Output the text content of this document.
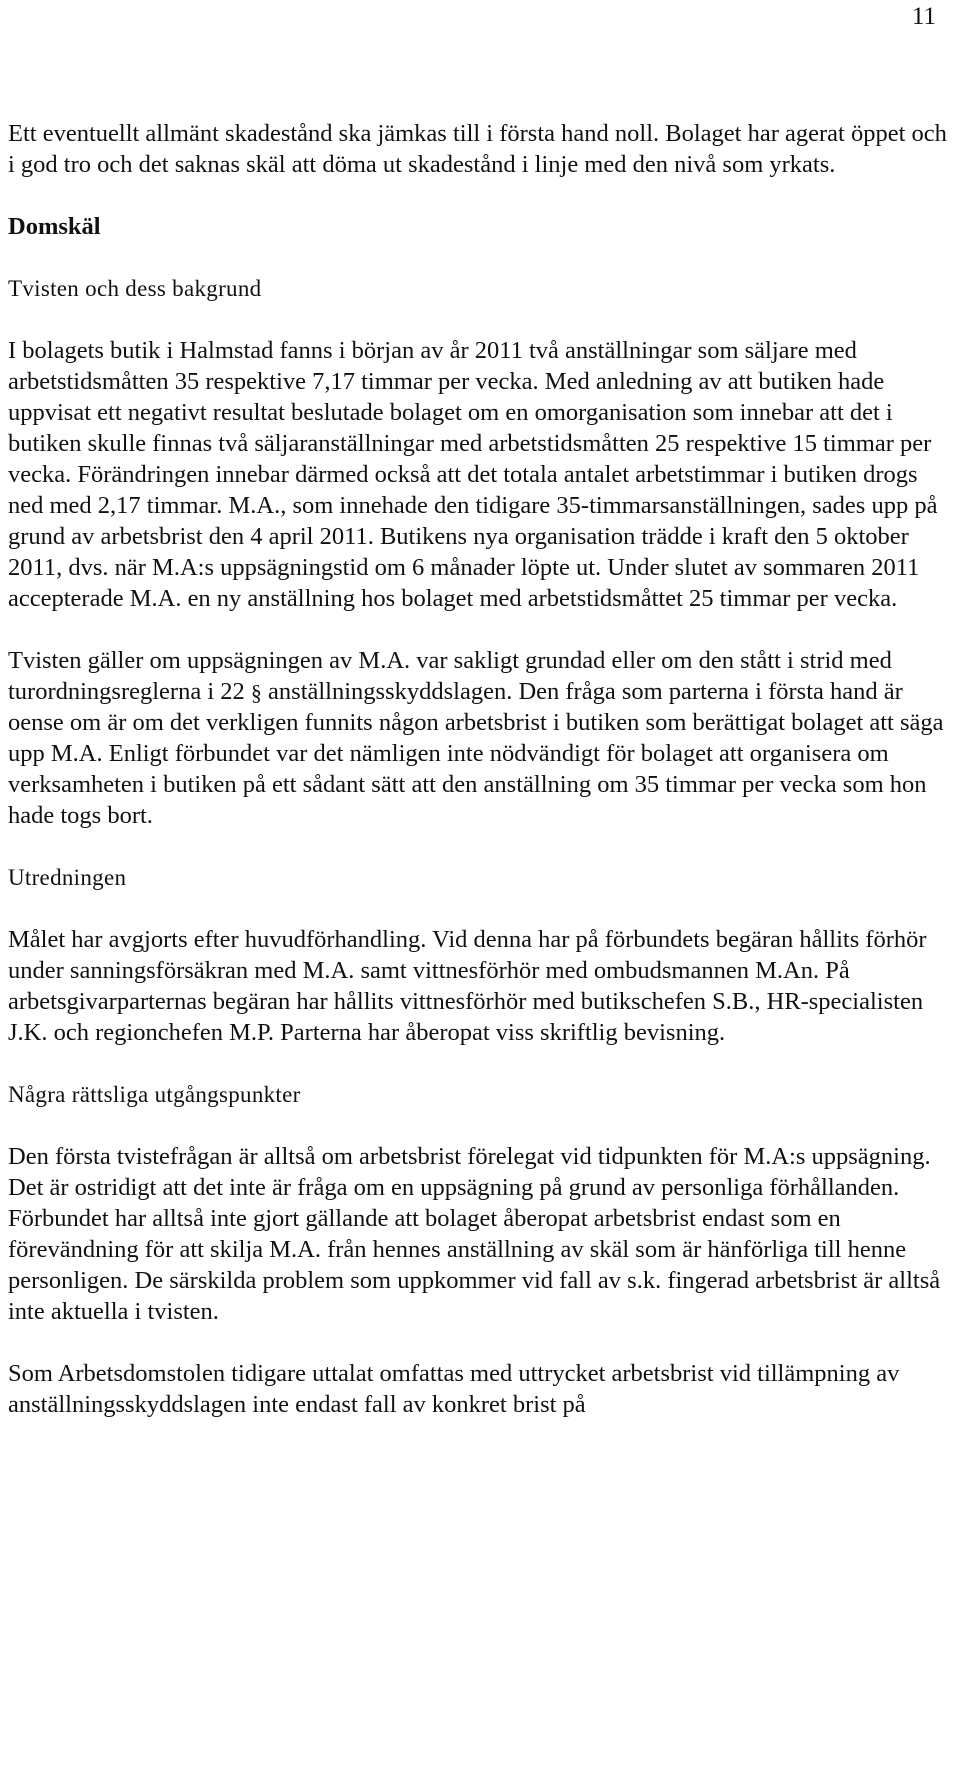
11

Ett eventuellt allmänt skadestånd ska jämkas till i första hand noll. Bolaget har agerat öppet och i god tro och det saknas skäl att döma ut skadestånd i linje med den nivå som yrkats.

Domskäl

Tvisten och dess bakgrund

I bolagets butik i Halmstad fanns i början av år 2011 två anställningar som säljare med arbetstidsmåtten 35 respektive 7,17 timmar per vecka. Med anledning av att butiken hade uppvisat ett negativt resultat beslutade bolaget om en omorganisation som innebar att det i butiken skulle finnas två säljaranställningar med arbetstidsmåtten 25 respektive 15 timmar per vecka. Förändringen innebar därmed också att det totala antalet arbetstimmar i butiken drogs ned med 2,17 timmar. M.A., som innehade den tidigare 35-timmarsanställningen, sades upp på grund av arbetsbrist den 4 april 2011. Butikens nya organisation trädde i kraft den 5 oktober 2011, dvs. när M.A:s uppsägningstid om 6 månader löpte ut. Under slutet av sommaren 2011 accepterade M.A. en ny anställning hos bolaget med arbetstidsmåttet 25 timmar per vecka.

Tvisten gäller om uppsägningen av M.A. var sakligt grundad eller om den stått i strid med turordningsreglerna i 22 § anställningsskyddslagen. Den fråga som parterna i första hand är oense om är om det verkligen funnits någon arbetsbrist i butiken som berättigat bolaget att säga upp M.A. Enligt förbundet var det nämligen inte nödvändigt för bolaget att organisera om verksamheten i butiken på ett sådant sätt att den anställning om 35 timmar per vecka som hon hade togs bort.

Utredningen

Målet har avgjorts efter huvudförhandling. Vid denna har på förbundets begäran hållits förhör under sanningsförsäkran med M.A. samt vittnesförhör med ombudsmannen M.An. På arbetsgivarparternas begäran har hållits vittnesförhör med butikschefen S.B., HR-specialisten J.K. och regionchefen M.P. Parterna har åberopat viss skriftlig bevisning.

Några rättsliga utgångspunkter

Den första tvistefrågan är alltså om arbetsbrist förelegat vid tidpunkten för M.A:s uppsägning. Det är ostridigt att det inte är fråga om en uppsägning på grund av personliga förhållanden. Förbundet har alltså inte gjort gällande att bolaget åberopat arbetsbrist endast som en förevändning för att skilja M.A. från hennes anställning av skäl som är hänförliga till henne personligen. De särskilda problem som uppkommer vid fall av s.k. fingerad arbetsbrist är alltså inte aktuella i tvisten.

Som Arbetsdomstolen tidigare uttalat omfattas med uttrycket arbetsbrist vid tillämpning av anställningsskyddslagen inte endast fall av konkret brist på
